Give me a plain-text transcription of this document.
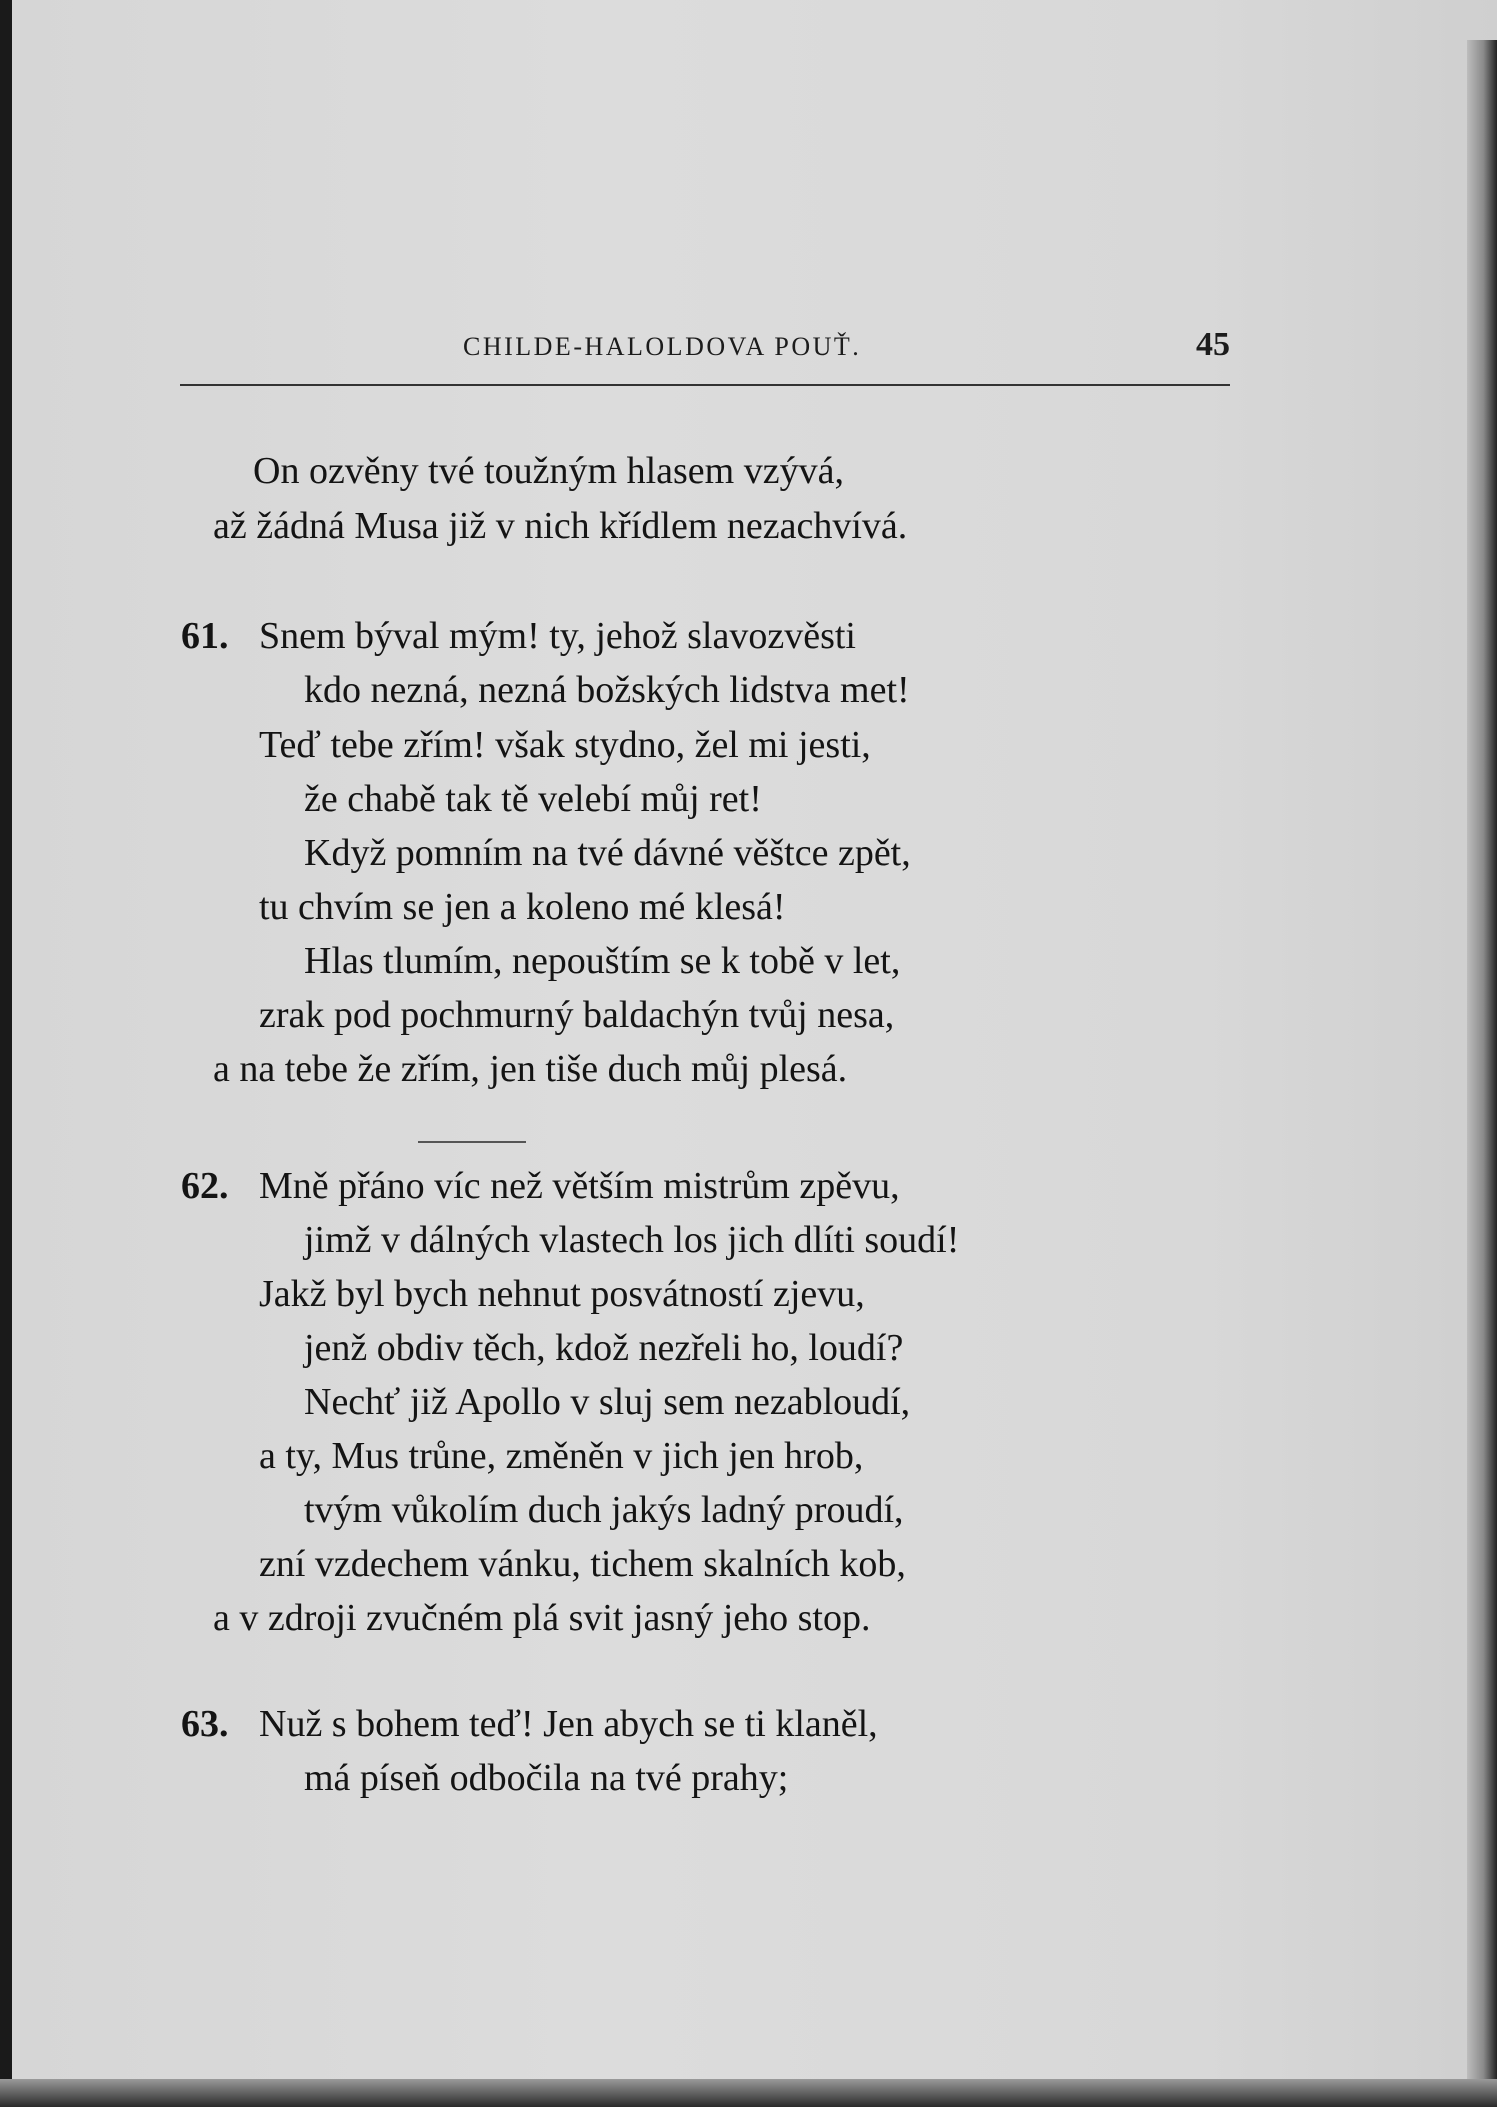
CHILDE-HALOLDOVA POUŤ.	45
On ozvěny tvé toužným hlasem vzývá,
až žádná Musa již v nich křídlem nezachvívá.
61. Snem býval mým! ty, jehož slavozvěsti
kdo nezná, nezná božských lidstva met!
Teď tebe zřím! však stydno, žel mi jesti,
že chabě tak tě velebí můj ret!
Když pomním na tvé dávné věštce zpět,
tu chvím se jen a koleno mé klesá!
Hlas tlumím, nepouštím se k tobě v let,
zrak pod pochmurný baldachýn tvůj nesa,
a na tebe že zřím, jen tiše duch můj plesá.
62. Mně přáno víc než větším mistrům zpěvu,
jimž v dálných vlastech los jich dlíti soudí!
Jakž byl bych nehnut posvátností zjevu,
jenž obdiv těch, kdož nezřeli ho, loudí?
Nechť již Apollo v sluj sem nezabloudí,
a ty, Mus trůne, změněn v jich jen hrob,
tvým vůkolím duch jakýs ladný proudí,
zní vzdechem vánku, tichem skalních kob,
a v zdroji zvučném plá svit jasný jeho stop.
63. Nuž s bohem teď! Jen abych se ti klaněl,
má píseň odbočila na tvé prahy;
